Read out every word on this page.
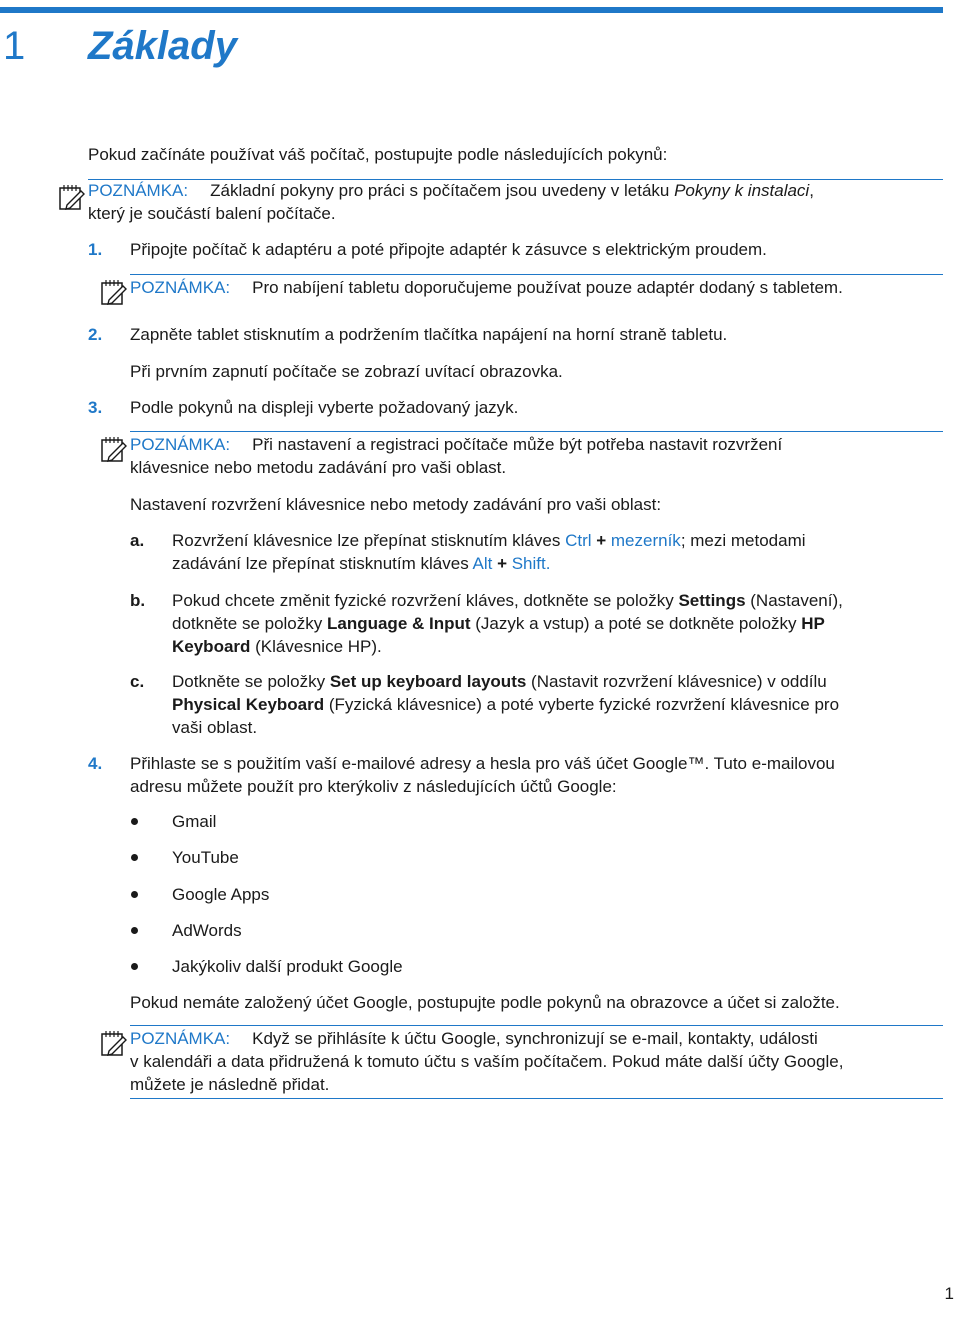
1 Základy
Pokud začínáte používat váš počítač, postupujte podle následujících pokynů:
POZNÁMKA: Základní pokyny pro práci s počítačem jsou uvedeny v letáku Pokyny k instalaci,
který je součástí balení počítače.
1. Připojte počítač k adaptéru a poté připojte adaptér k zásuvce s elektrickým proudem.
POZNÁMKA: Pro nabíjení tabletu doporučujeme používat pouze adaptér dodaný s tabletem.
2. Zapněte tablet stisknutím a podržením tlačítka napájení na horní straně tabletu.
Při prvním zapnutí počítače se zobrazí uvítací obrazovka.
3. Podle pokynů na displeji vyberte požadovaný jazyk.
POZNÁMKA: Při nastavení a registraci počítače může být potřeba nastavit rozvržení
klávesnice nebo metodu zadávání pro vaši oblast.
Nastavení rozvržení klávesnice nebo metody zadávání pro vaši oblast:
a. Rozvržení klávesnice lze přepínat stisknutím kláves Ctrl + mezerník; mezi metodami
zadávání lze přepínat stisknutím kláves Alt + Shift.
b. Pokud chcete změnit fyzické rozvržení kláves, dotkněte se položky Settings (Nastavení),
dotkněte se položky Language & Input (Jazyk a vstup) a poté se dotkněte položky HP
Keyboard (Klávesnice HP).
c. Dotkněte se položky Set up keyboard layouts (Nastavit rozvržení klávesnice) v oddílu
Physical Keyboard (Fyzická klávesnice) a poté vyberte fyzické rozvržení klávesnice pro
vaši oblast.
4. Přihlaste se s použitím vaší e-mailové adresy a hesla pro váš účet Google™. Tuto e-mailovou
adresu můžete použít pro kterýkoliv z následujících účtů Google:
Gmail
YouTube
Google Apps
AdWords
Jakýkoliv další produkt Google
Pokud nemáte založený účet Google, postupujte podle pokynů na obrazovce a účet si založte.
POZNÁMKA: Když se přihlásíte k účtu Google, synchronizují se e-mail, kontakty, události
v kalendáři a data přidružená k tomuto účtu s vaším počítačem. Pokud máte další účty Google,
můžete je následně přidat.
1
